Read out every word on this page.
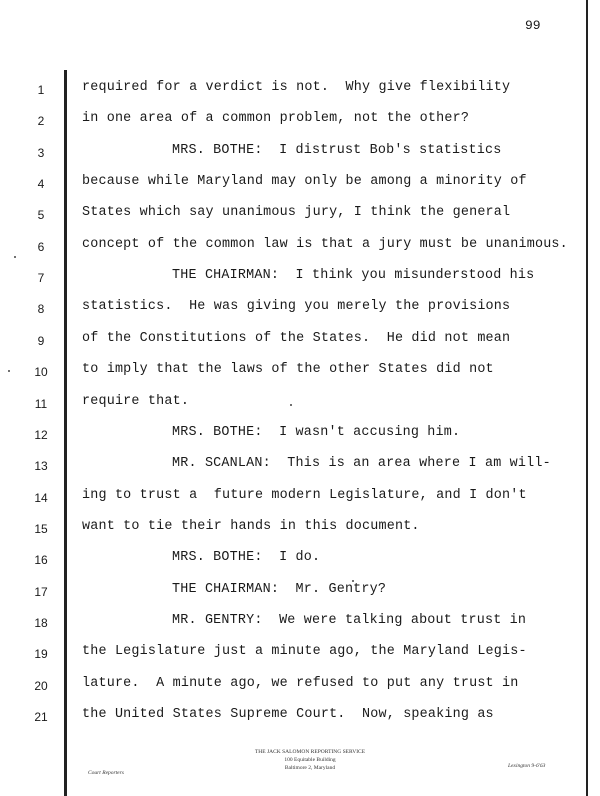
99
1	required for a verdict is not.  Why give flexibility
2	in one area of a common problem, not the other?
3	MRS. BOTHE:  I distrust Bob's statistics
4	because while Maryland may only be among a minority of
5	States which say unanimous jury, I think the general
6	concept of the common law is that a jury must be unanimous.
7	THE CHAIRMAN:  I think you misunderstood his
8	statistics.  He was giving you merely the provisions
9	of the Constitutions of the States.  He did not mean
10	to imply that the laws of the other States did not
11	require that.
12	MRS. BOTHE:  I wasn't accusing him.
13	MR. SCANLAN:  This is an area where I am will-
14	ing to trust a  future modern Legislature, and I don't
15	want to tie their hands in this document.
16	MRS. BOTHE:  I do.
17	THE CHAIRMAN:  Mr. Gentry?
18	MR. GENTRY:  We were talking about trust in
19	the Legislature just a minute ago, the Maryland Legis-
20	lature.  A minute ago, we refused to put any trust in
21	the United States Supreme Court.  Now, speaking as
THE JACK SALOMON REPORTING SERVICE
100 Equitable Building
Baltimore 2, Maryland
Court Reporters
Lexington 9-6'63
